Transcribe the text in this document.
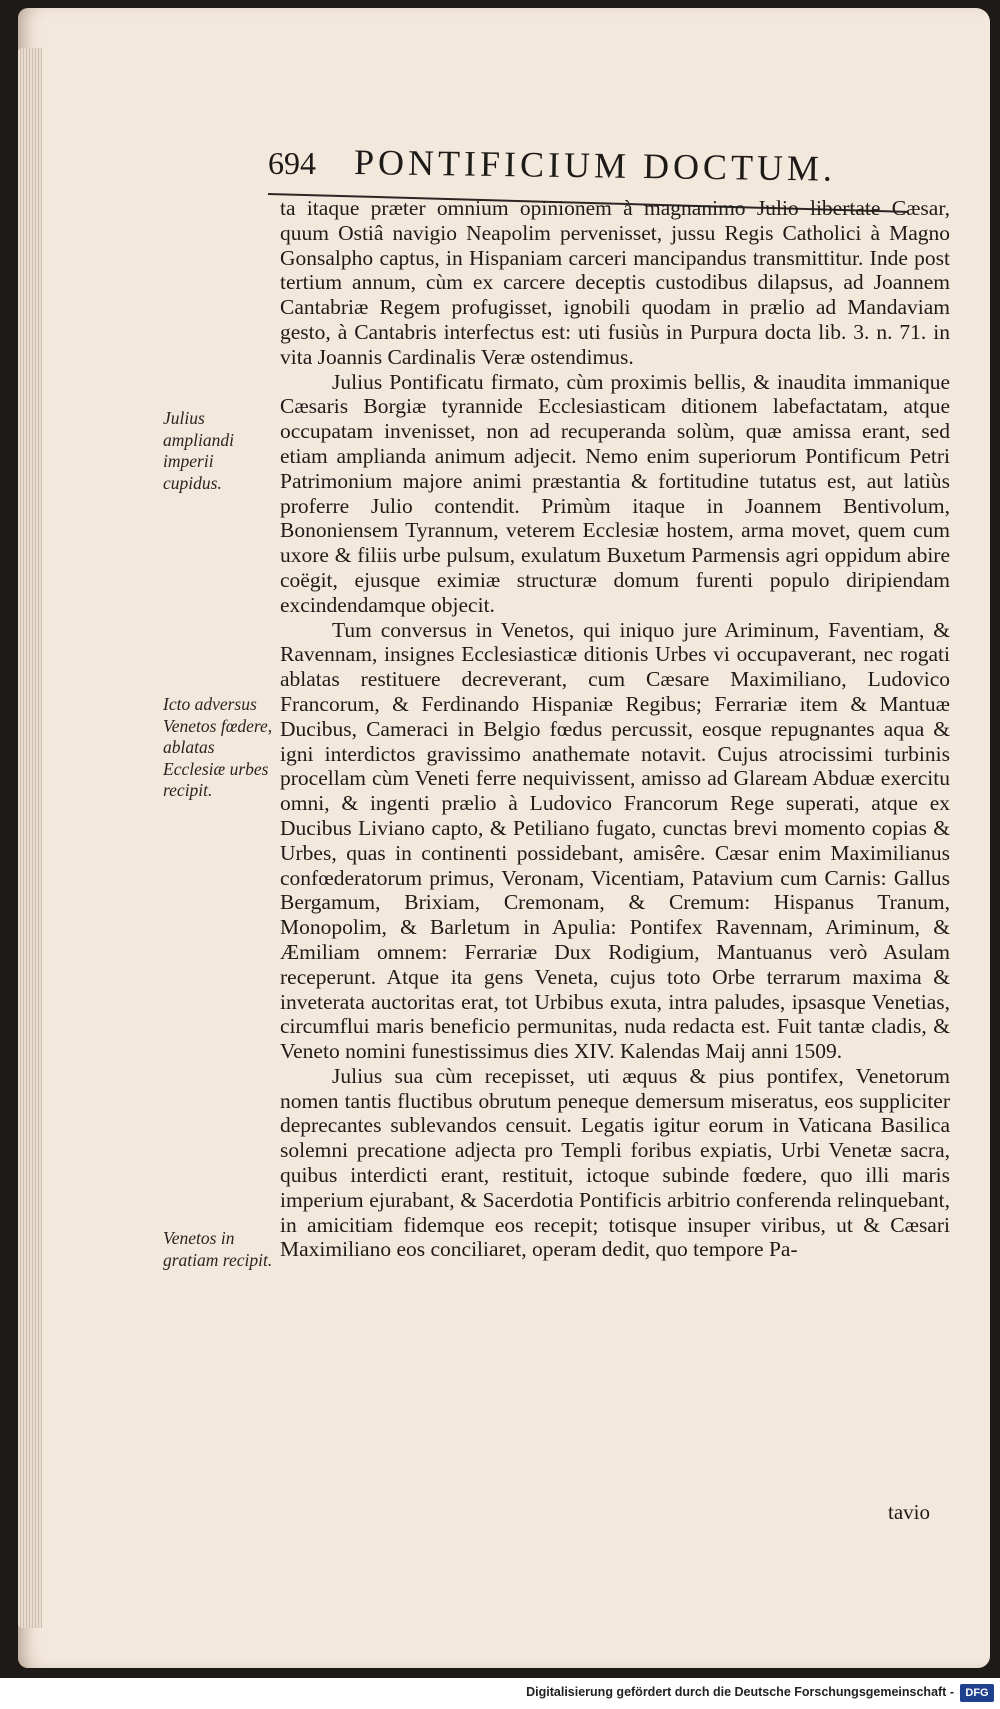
694 PONTIFICIUM DOCTUM.
Julius ampliandi imperii cupidus.
Icto adversus Venetos fœdere, ablatas Ecclesiæ urbes recipit.
Venetos in gratiam recipit.

ta itaque præter omnium opinionem à magnanimo Julio libertate Cæsar, quum Ostiâ navigio Neapolim pervenisset, jussu Regis Catholici à Magno Gonsalpho captus, in Hispaniam carceri mancipandus transmittitur. Inde post tertium annum, cùm ex carcere deceptis custodibus dilapsus, ad Joannem Cantabriæ Regem profugisset, ignobili quodam in prælio ad Mandaviam gesto, à Cantabris interfectus est: uti fusiùs in Purpura docta lib. 3. n. 71. in vita Joannis Cardinalis Veræ ostendimus.

Julius Pontificatu firmato, cùm proximis bellis, & inaudita immanique Cæsaris Borgiæ tyrannide Ecclesiasticam ditionem labefactatam, atque occupatam invenisset, non ad recuperanda solùm, quæ amissa erant, sed etiam amplianda animum adjecit. Nemo enim superiorum Pontificum Petri Patrimonium majore animi præstantia & fortitudine tutatus est, aut latiùs proferre Julio contendit. Primùm itaque in Joannem Bentivolum, Bononiensem Tyrannum, veterem Ecclesiæ hostem, arma movet, quem cum uxore & filiis urbe pulsum, exulatum Buxetum Parmensis agri oppidum abire coëgit, ejusque eximiæ structuræ domum furenti populo diripiendam excindendamque objecit.

Tum conversus in Venetos, qui iniquo jure Ariminum, Faventiam, & Ravennam, insignes Ecclesiasticæ ditionis Urbes vi occupaverant, nec rogati ablatas restituere decreverant, cum Cæsare Maximiliano, Ludovico Francorum, & Ferdinando Hispaniæ Regibus; Ferrariæ item & Mantuæ Ducibus, Cameraci in Belgio fœdus percussit, eosque repugnantes aqua & igni interdictos gravissimo anathemate notavit. Cujus atrocissimi turbinis procellam cùm Veneti ferre nequivissent, amisso ad Glaream Abduæ exercitu omni, & ingenti prælio à Ludovico Francorum Rege superati, atque ex Ducibus Liviano capto, & Petiliano fugato, cunctas brevi momento copias & Urbes, quas in continenti possidebant, amisêre. Cæsar enim Maximilianus confœderatorum primus, Veronam, Vicentiam, Patavium cum Carnis: Gallus Bergamum, Brixiam, Cremonam, & Cremum: Hispanus Tranum, Monopolim, & Barletum in Apulia: Pontifex Ravennam, Ariminum, & Æmiliam omnem: Ferrariæ Dux Rodigium, Mantuanus verò Asulam receperunt. Atque ita gens Veneta, cujus toto Orbe terrarum maxima & inveterata auctoritas erat, tot Urbibus exuta, intra paludes, ipsasque Venetias, circumflui maris beneficio permunitas, nuda redacta est. Fuit tantæ cladis, & Veneto nomini funestissimus dies XIV. Kalendas Maij anni 1509.

Julius sua cùm recepisset, uti æquus & pius pontifex, Venetorum nomen tantis fluctibus obrutum peneque demersum miseratus, eos suppliciter deprecantes sublevandos censuit. Legatis igitur eorum in Vaticana Basilica solemni precatione adjecta pro Templi foribus expiatis, Urbi Venetæ sacra, quibus interdicti erant, restituit, ictoque subinde fœdere, quo illi maris imperium ejurabant, & Sacerdotia Pontificis arbitrio conferenda relinquebant, in amicitiam fidemque eos recepit; totisque insuper viribus, ut & Cæsari Maximiliano eos conciliaret, operam dedit, quo tempore Pa-

tavio
Digitalisierung gefördert durch die Deutsche Forschungsgemeinschaft -	DFG
